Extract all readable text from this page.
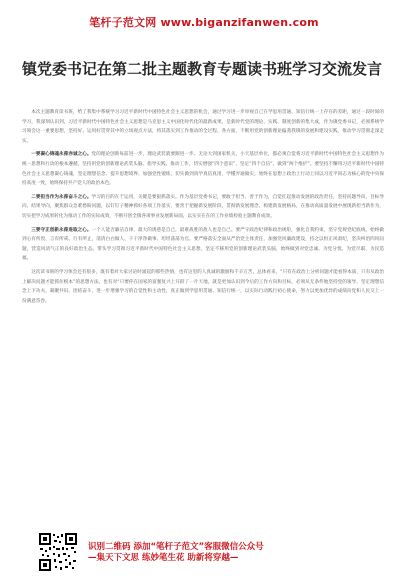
笔杆子范文网 www.biganzifanwen.com
镇党委书记在第二批主题教育专题读书班学习交流发言

本次主题教育读书班，给了我集中系统学习习近平新时代中国特色社会主义思想的机会，通过学习进一步审视自己在学思用贯通、知信行统一上存在的差距，通过一段时间的学习，我深刻认识到，习近平新时代中国特色社会主义思想是马克思主义中国化时代化的最新成果，是新时代党的理论、实践、制度创新的集大成，作为镇党委书记，必须系统学习领会这一重要思想，坚持好、运用好贯穿其中的立场观点方法，将其落实到工作推动的全过程、各方面，不断用党的创新理论偏蒸我镇的发展和建设实践，推动学习贯彻走深走实。

一要凝心铸魂永葆赤诚之心。党的理论创新每前进一步，理论武装就要跟进一步。无论大到国家机关，小天基层单位，都必须自觉将习近平新时代中国特色社会主义思想作为统一思想和行动的根本遵循，坚持用党的创新理论武装头脑、指导实践、推动工作，切实增强“四个意识”、坚定“四个自信”、做到“两个维护”。要坚持不懈用习近平新时代中国特色社会主义思想凝心铸魂，坚定理想信念、提升思想境界、加强党性锻炼，切实做到真学真信真用，学懂弄通做实，始终在思想上政治上行动上同以习近平同志为核心的党中央保持高度一致，始终保持共产党人的政治本色。

二要担当作为永葆奋斗之心。学习的目的在于运用，关键是要狠抓落实。作为基层党委书记，要敢于担当、善于作为，自觉扛起推动发展的政治责任，坚持问题导向、目标导向、结果导向，聚焦群众急难愁盼问题，以钉钉子精神抓好各项工作落实，要善于把握新发展阶段、贯彻新发展理念、构建新发展格局，在推动高质量发展中展现新担当新作为，切实把学习成果转化为推动工作的实际成效，不断开创全镇各项事业发展新局面，以实实在在的工作业绩检验主题教育成效。

三要守正创新永葆进取之心。一个人能否廉洁自律，最大的诱惑是自己，最难战胜的敌人也是自己。要严守政治纪律和政治规矩，强化自我约束，坚守党规党纪底线，始终做到心有所畏、言有所戒、行有所止，清清白白做人、干干净净做事、坦坦荡荡为官。要严格落实全面从严治党主体责任，加强党风廉政建设，持之以恒正风肃纪，坚决纠治四风问题，营造风清气正的良好政治生态。带头学习贯彻习近平新时代中国特色社会主义思想，坚定不移用党的创新理论武装头脑，始终做到对党忠诚、为党分忧、为党尽职、为民造福。

这次读书班的学习体会还有很多，既有着对大家讨论时涌起的那些热情，也有这里的人真诚的激励和千辛万苦，总体看来，“只有在政治上分析问题才能看得本质，只有从政治上解决问题才能抓住根本”的思想方法，也有对“只要你在国家的富强复兴上开辟了一片天地，就是更加认识到今后的工作方向和目标，必须从无条件地坚持党的领导、坚定理想信念上下功夫，凝聚共识、团结奋斗，进一步增强学习的自觉性和主动性，真正做到学思用贯通、知信行统一，以实际行动践行初心使命，努力以更加优异的成绩向党和人民交上一份满意答卷。

识别二维码 添加“笔杆子范文”客服微信公众号
—集天下文思 练妙笔生花 助新将穿越—
